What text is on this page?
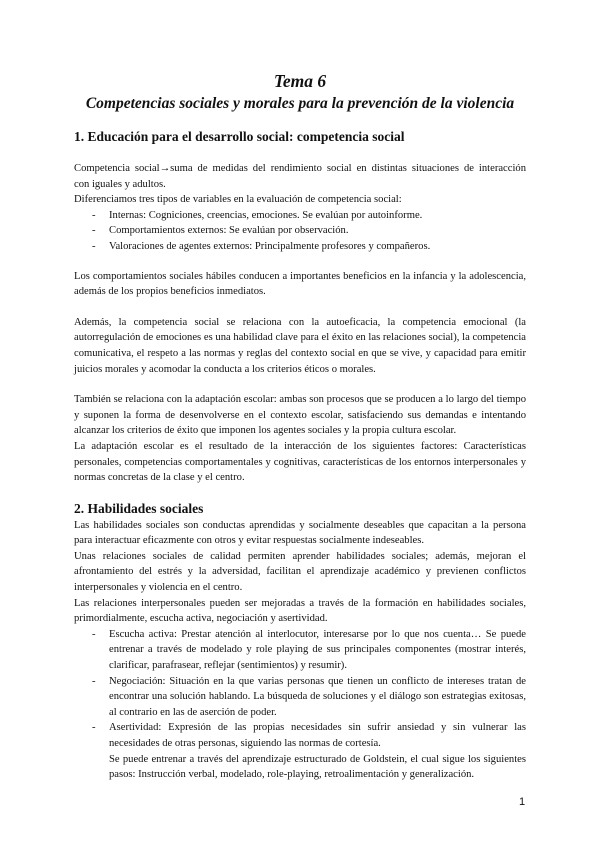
Tema 6
Competencias sociales y morales para la prevención de la violencia
1. Educación para el desarrollo social: competencia social

Competencia social→suma de medidas del rendimiento social en distintas situaciones de interacción

con iguales y adultos.

Diferenciamos tres tipos de variables en la evaluación de competencia social:

- Internas: Cogniciones, creencias, emociones. Se evalúan por autoinforme.
- Comportamientos externos: Se evalúan por observación.
- Valoraciones de agentes externos: Principalmente profesores y compañeros.

Los comportamientos sociales hábiles conducen a importantes beneficios en la infancia y la adolescencia, además de los propios beneficios inmediatos.

Además, la competencia social se relaciona con la autoeficacia, la competencia emocional (la autorregulación de emociones es una habilidad clave para el éxito en las relaciones social), la competencia comunicativa, el respeto a las normas y reglas del contexto social en que se vive, y capacidad para emitir juicios morales y acomodar la conducta a los criterios éticos o morales.

También se relaciona con la adaptación escolar: ambas son procesos que se producen a lo largo del tiempo y suponen la forma de desenvolverse en el contexto escolar, satisfaciendo sus demandas e intentando alcanzar los criterios de éxito que imponen los agentes sociales y la propia cultura escolar.

La adaptación escolar es el resultado de la interacción de los siguientes factores: Características personales, competencias comportamentales y cognitivas, características de los entornos interpersonales y normas concretas de la clase y el centro.

2. Habilidades sociales

Las habilidades sociales son conductas aprendidas y socialmente deseables que capacitan a la persona para interactuar eficazmente con otros y evitar respuestas socialmente indeseables.

Unas relaciones sociales de calidad permiten aprender habilidades sociales; además, mejoran el afrontamiento del estrés y la adversidad, facilitan el aprendizaje académico y previenen conflictos interpersonales y violencia en el centro.

Las relaciones interpersonales pueden ser mejoradas a través de la formación en habilidades sociales, primordialmente, escucha activa, negociación y asertividad.

- Escucha activa: Prestar atención al interlocutor, interesarse por lo que nos cuenta… Se puede entrenar a través de modelado y role playing de sus principales componentes (mostrar interés, clarificar, parafrasear, reflejar (sentimientos) y resumir).
- Negociación: Situación en la que varias personas que tienen un conflicto de intereses tratan de encontrar una solución hablando. La búsqueda de soluciones y el diálogo son estrategias exitosas, al contrario en las de aserción de poder.
- Asertividad: Expresión de las propias necesidades sin sufrir ansiedad y sin vulnerar las necesidades de otras personas, siguiendo las normas de cortesía.
Se puede entrenar a través del aprendizaje estructurado de Goldstein, el cual sigue los siguientes pasos: Instrucción verbal, modelado, role-playing, retroalimentación y generalización.
1
